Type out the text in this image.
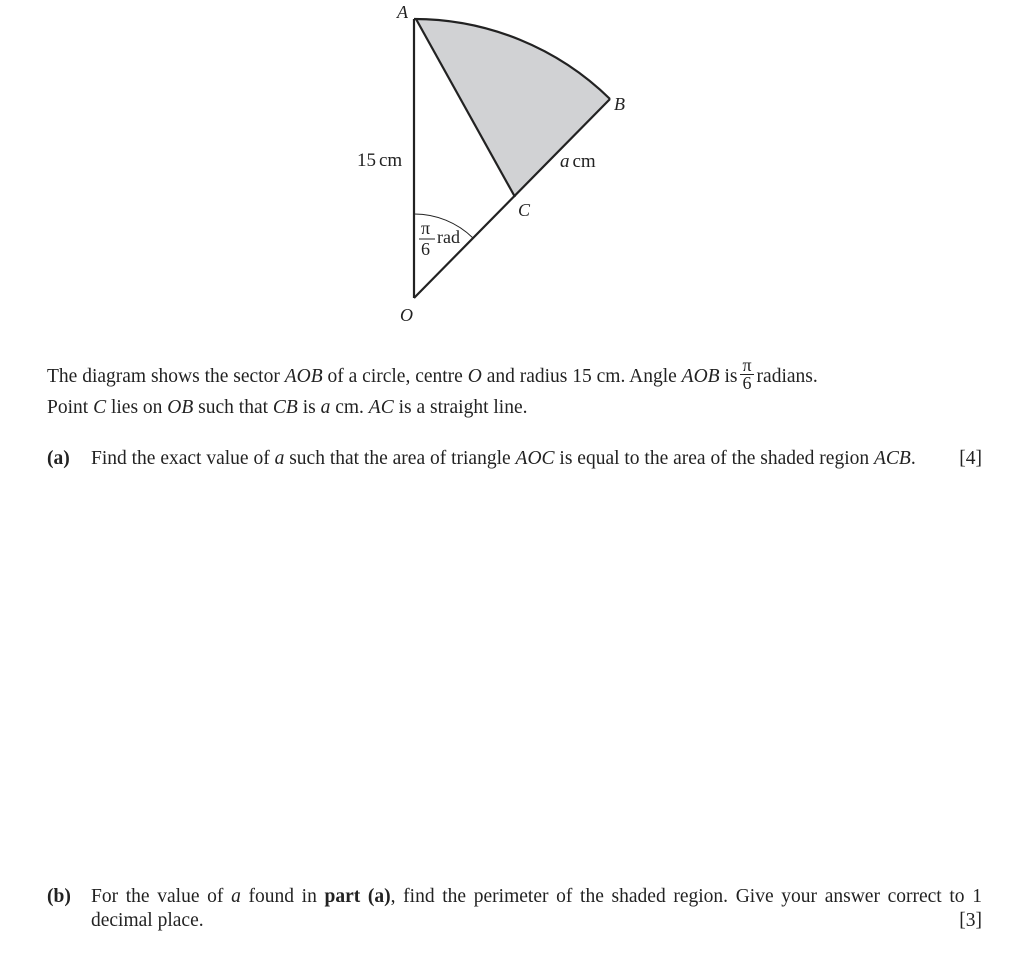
A
B
C
O
15 cm	a cm
π
6
rad

The diagram shows the sector AOB of a circle, centre O and radius 15 cm. Angle AOB is $\frac{\pi}{6}$ radians.

Point C lies on OB such that CB is a cm. AC is a straight line.

(a) Find the exact value of a such that the area of triangle AOC is equal to the area of the shaded region ACB.	[4]
(b) For the value of a found in part (a), find the perimeter of the shaded region. Give your answer correct to 1 decimal place.	[3]
